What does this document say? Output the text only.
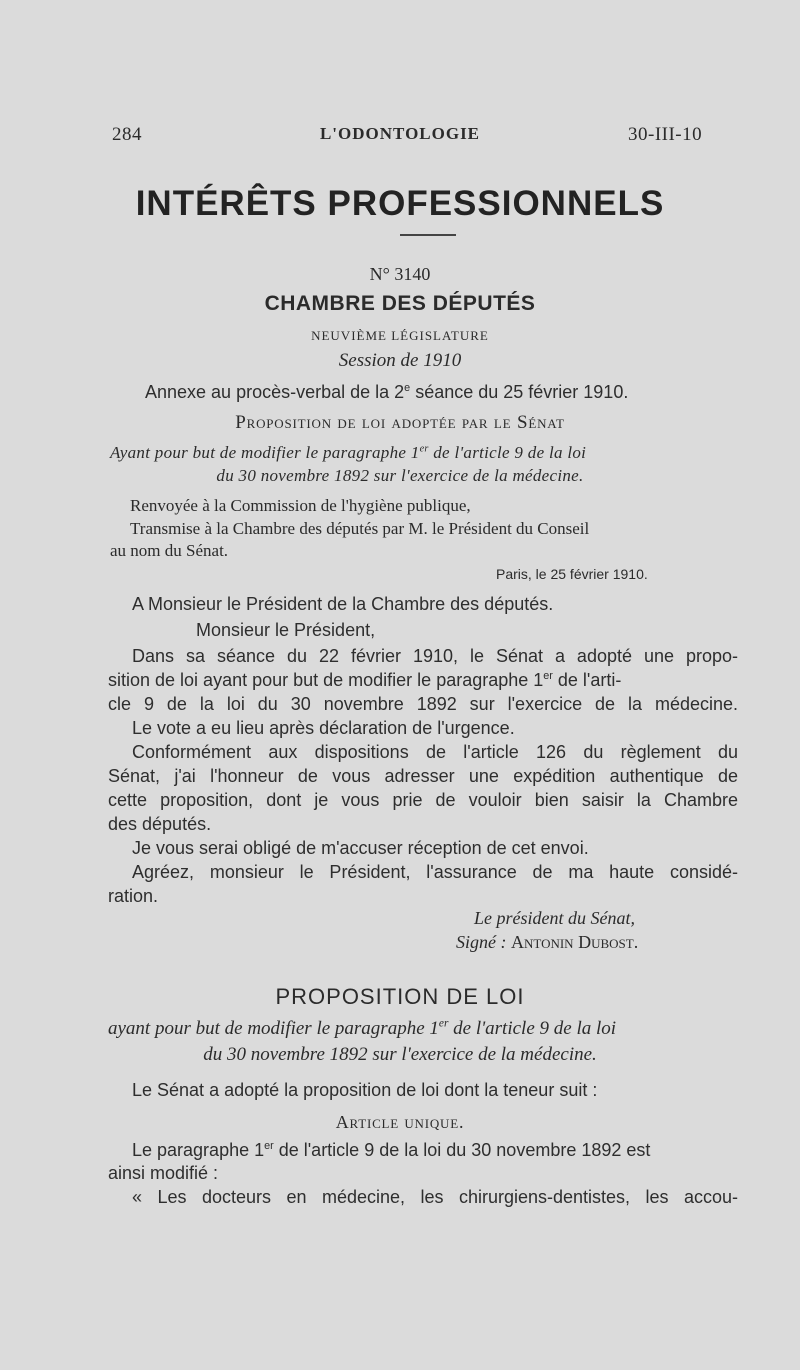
284	L'ODONTOLOGIE	30-III-10
INTÉRÊTS PROFESSIONNELS
N° 3140
CHAMBRE DES DÉPUTÉS
NEUVIÈME LÉGISLATURE
Session de 1910
Annexe au procès-verbal de la 2e séance du 25 février 1910.
Proposition de loi adoptée par le Sénat
Ayant pour but de modifier le paragraphe 1er de l'article 9 de la loi
du 30 novembre 1892 sur l'exercice de la médecine.
Renvoyée à la Commission de l'hygiène publique,
Transmise à la Chambre des députés par M. le Président du Conseil
au nom du Sénat.
Paris, le 25 février 1910.
A Monsieur le Président de la Chambre des députés.
Monsieur le Président,
Dans sa séance du 22 février 1910, le Sénat a adopté une propo-
sition de loi ayant pour but de modifier le paragraphe 1er de l'arti-
cle 9 de la loi du 30 novembre 1892 sur l'exercice de la médecine.
Le vote a eu lieu après déclaration de l'urgence.
Conformément aux dispositions de l'article 126 du règlement du
Sénat, j'ai l'honneur de vous adresser une expédition authentique de
cette proposition, dont je vous prie de vouloir bien saisir la Chambre
des députés.
Je vous serai obligé de m'accuser réception de cet envoi.
Agréez, monsieur le Président, l'assurance de ma haute considé-
ration.
Le président du Sénat,
Signé : Antonin Dubost.
PROPOSITION DE LOI
ayant pour but de modifier le paragraphe 1er de l'article 9 de la loi
du 30 novembre 1892 sur l'exercice de la médecine.
Le Sénat a adopté la proposition de loi dont la teneur suit :
Article unique.
Le paragraphe 1er de l'article 9 de la loi du 30 novembre 1892 est
ainsi modifié :
« Les docteurs en médecine, les chirurgiens-dentistes, les accou-
